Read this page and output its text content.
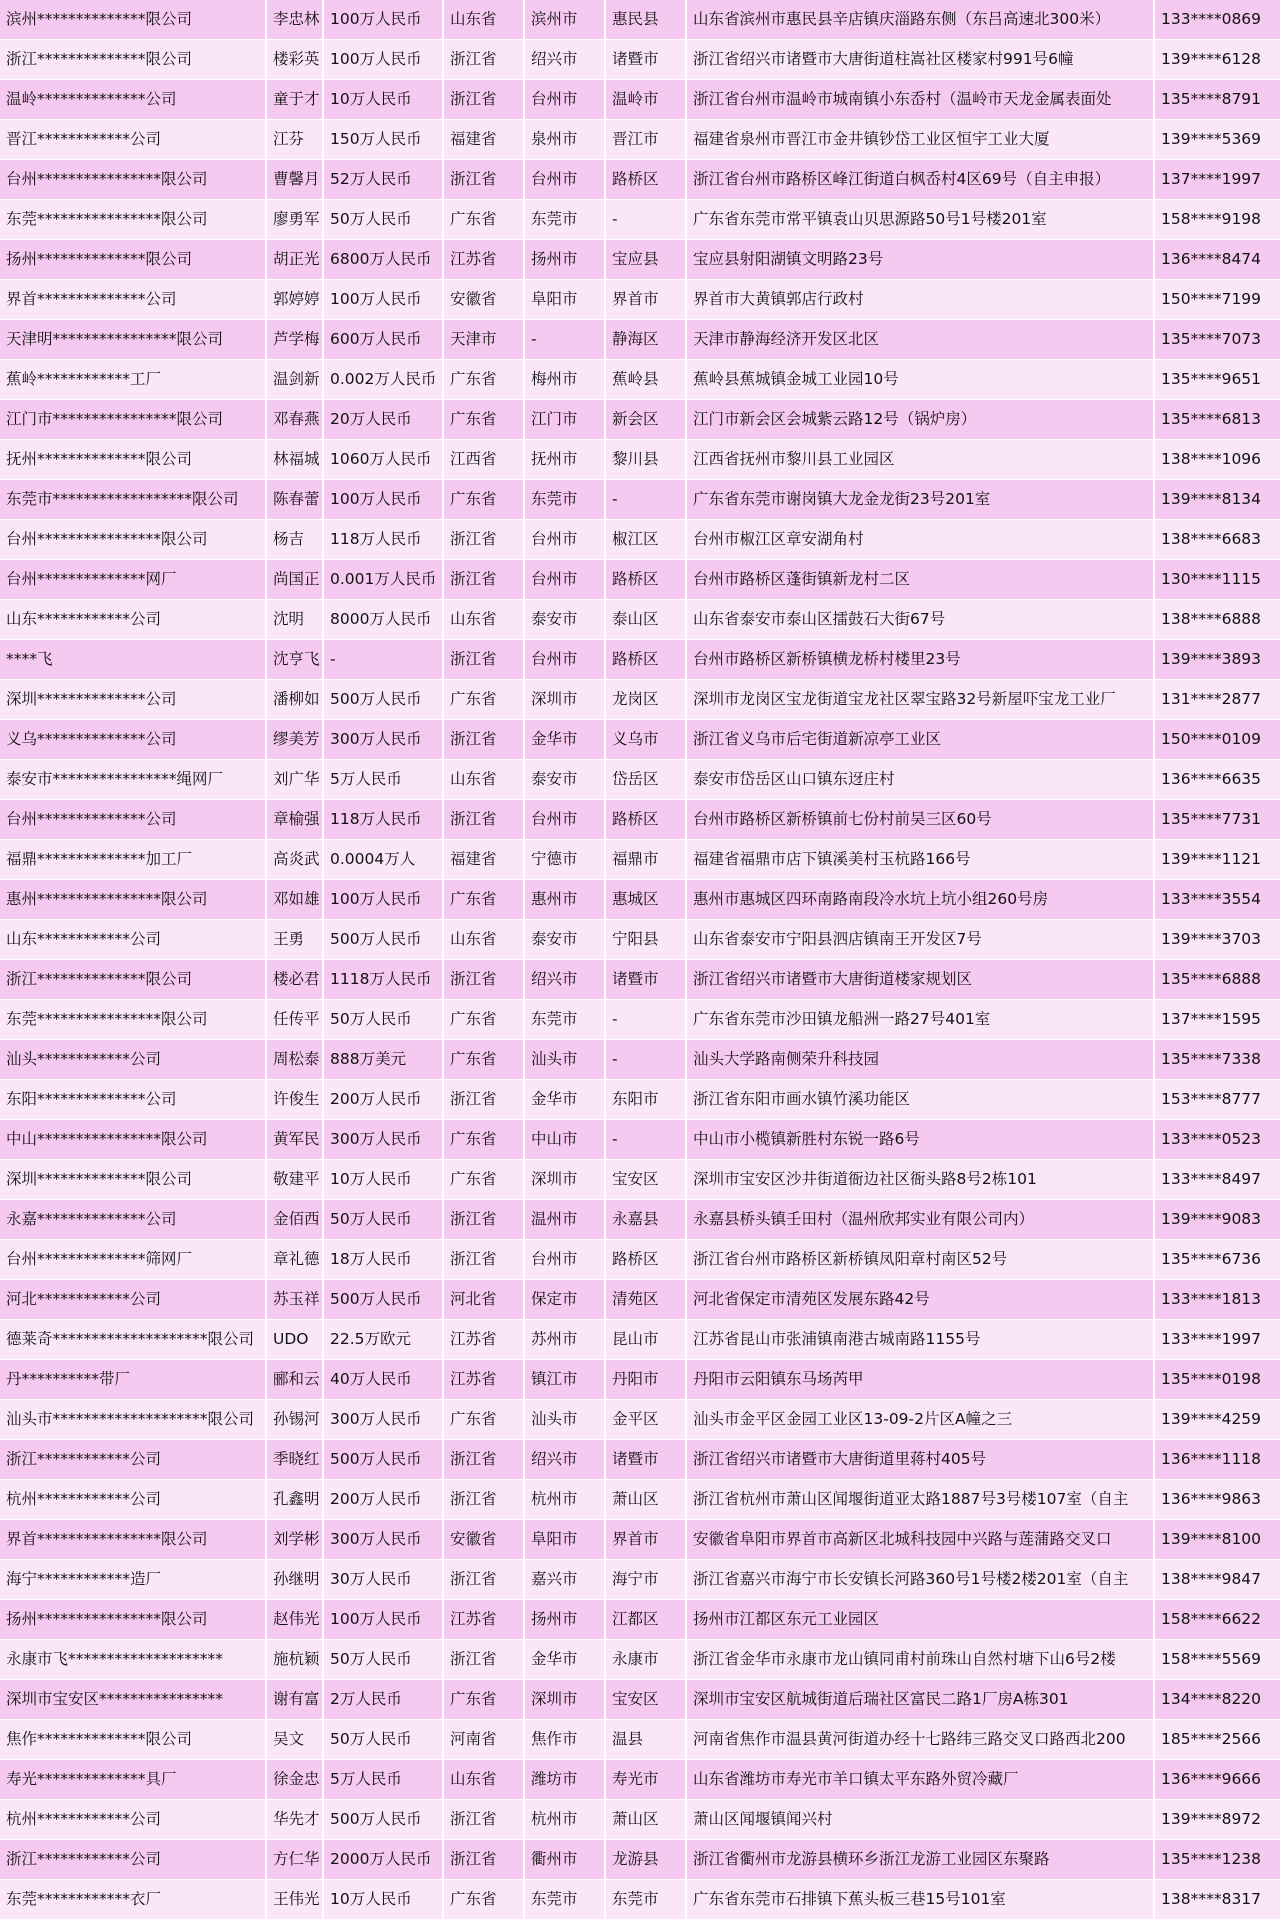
滨州**************限公司	李忠林	100万人民币	山东省	滨州市	惠民县	山东省滨州市惠民县辛店镇庆淄路东侧（东吕高速北300米）	133****0869
浙江**************限公司	楼彩英	100万人民币	浙江省	绍兴市	诸暨市	浙江省绍兴市诸暨市大唐街道柱嵩社区楼家村991号6幢	139****6128
温岭**************公司	童于才	10万人民币	浙江省	台州市	温岭市	浙江省台州市温岭市城南镇小东岙村（温岭市天龙金属表面处	135****8791
晋江************公司	江芬	150万人民币	福建省	泉州市	晋江市	福建省泉州市晋江市金井镇钞岱工业区恒宇工业大厦	139****5369
台州****************限公司	曹馨月	52万人民币	浙江省	台州市	路桥区	浙江省台州市路桥区峰江街道白枫岙村4区69号（自主申报）	137****1997
东莞****************限公司	廖勇军	50万人民币	广东省	东莞市	-	广东省东莞市常平镇袁山贝思源路50号1号楼201室	158****9198
扬州**************限公司	胡正光	6800万人民币	江苏省	扬州市	宝应县	宝应县射阳湖镇文明路23号	136****8474
界首**************公司	郭婷婷	100万人民币	安徽省	阜阳市	界首市	界首市大黄镇郭店行政村	150****7199
天津明****************限公司	芦学梅	600万人民币	天津市	-	静海区	天津市静海经济开发区北区	135****7073
蕉岭************工厂	温剑新	0.002万人民币	广东省	梅州市	蕉岭县	蕉岭县蕉城镇金城工业园10号	135****9651
江门市****************限公司	邓春燕	20万人民币	广东省	江门市	新会区	江门市新会区会城紫云路12号（锅炉房）	135****6813
抚州**************限公司	林福城	1060万人民币	江西省	抚州市	黎川县	江西省抚州市黎川县工业园区	138****1096
东莞市******************限公司	陈春蕾	100万人民币	广东省	东莞市	-	广东省东莞市谢岗镇大龙金龙街23号201室	139****8134
台州****************限公司	杨吉	118万人民币	浙江省	台州市	椒江区	台州市椒江区章安湖角村	138****6683
台州**************网厂	尚国正	0.001万人民币	浙江省	台州市	路桥区	台州市路桥区蓬街镇新龙村二区	130****1115
山东************公司	沈明	8000万人民币	山东省	泰安市	泰山区	山东省泰安市泰山区擂鼓石大街67号	138****6888
****飞	沈亨飞	-	浙江省	台州市	路桥区	台州市路桥区新桥镇横龙桥村楼里23号	139****3893
深圳**************公司	潘柳如	500万人民币	广东省	深圳市	龙岗区	深圳市龙岗区宝龙街道宝龙社区翠宝路32号新屋吓宝龙工业厂	131****2877
义乌**************公司	缪美芳	300万人民币	浙江省	金华市	义乌市	浙江省义乌市后宅街道新凉亭工业区	150****0109
泰安市****************绳网厂	刘广华	5万人民币	山东省	泰安市	岱岳区	泰安市岱岳区山口镇东迓庄村	136****6635
台州**************公司	章榆强	118万人民币	浙江省	台州市	路桥区	台州市路桥区新桥镇前七份村前吴三区60号	135****7731
福鼎**************加工厂	高炎武	0.0004万人	福建省	宁德市	福鼎市	福建省福鼎市店下镇溪美村玉杭路166号	139****1121
惠州****************限公司	邓如雄	100万人民币	广东省	惠州市	惠城区	惠州市惠城区四环南路南段冷水坑上坑小组260号房	133****3554
山东************公司	王勇	500万人民币	山东省	泰安市	宁阳县	山东省泰安市宁阳县泗店镇南王开发区7号	139****3703
浙江**************限公司	楼必君	1118万人民币	浙江省	绍兴市	诸暨市	浙江省绍兴市诸暨市大唐街道楼家规划区	135****6888
东莞****************限公司	任传平	50万人民币	广东省	东莞市	-	广东省东莞市沙田镇龙船洲一路27号401室	137****1595
汕头************公司	周松泰	888万美元	广东省	汕头市	-	汕头大学路南侧荣升科技园	135****7338
东阳**************公司	许俊生	200万人民币	浙江省	金华市	东阳市	浙江省东阳市画水镇竹溪功能区	153****8777
中山****************限公司	黄军民	300万人民币	广东省	中山市	-	中山市小榄镇新胜村东锐一路6号	133****0523
深圳**************限公司	敬建平	10万人民币	广东省	深圳市	宝安区	深圳市宝安区沙井街道衙边社区衙头路8号2栋101	133****8497
永嘉**************公司	金佰西	50万人民币	浙江省	温州市	永嘉县	永嘉县桥头镇壬田村（温州欣邦实业有限公司内）	139****9083
台州**************筛网厂	章礼德	18万人民币	浙江省	台州市	路桥区	浙江省台州市路桥区新桥镇凤阳章村南区52号	135****6736
河北************公司	苏玉祥	500万人民币	河北省	保定市	清苑区	河北省保定市清苑区发展东路42号	133****1813
德莱奇********************限公司	UDO	22.5万欧元	江苏省	苏州市	昆山市	江苏省昆山市张浦镇南港古城南路1155号	133****1997
丹**********带厂	郦和云	40万人民币	江苏省	镇江市	丹阳市	丹阳市云阳镇东马场芮甲	135****0198
汕头市********************限公司	孙锡河	300万人民币	广东省	汕头市	金平区	汕头市金平区金园工业区13-09-2片区A幢之三	139****4259
浙江************公司	季晓红	500万人民币	浙江省	绍兴市	诸暨市	浙江省绍兴市诸暨市大唐街道里蒋村405号	136****1118
杭州************公司	孔鑫明	200万人民币	浙江省	杭州市	萧山区	浙江省杭州市萧山区闻堰街道亚太路1887号3号楼107室（自主	136****9863
界首****************限公司	刘学彬	300万人民币	安徽省	阜阳市	界首市	安徽省阜阳市界首市高新区北城科技园中兴路与莲蒲路交叉口	139****8100
海宁************造厂	孙继明	30万人民币	浙江省	嘉兴市	海宁市	浙江省嘉兴市海宁市长安镇长河路360号1号楼2楼201室（自主	138****9847
扬州****************限公司	赵伟光	100万人民币	江苏省	扬州市	江都区	扬州市江都区东元工业园区	158****6622
永康市飞********************	施杭颖	50万人民币	浙江省	金华市	永康市	浙江省金华市永康市龙山镇同甫村前珠山自然村塘下山6号2楼	158****5569
深圳市宝安区****************	谢有富	2万人民币	广东省	深圳市	宝安区	深圳市宝安区航城街道后瑞社区富民二路1厂房A栋301	134****8220
焦作**************限公司	吴文	50万人民币	河南省	焦作市	温县	河南省焦作市温县黄河街道办经十七路纬三路交叉口路西北200	185****2566
寿光**************具厂	徐金忠	5万人民币	山东省	潍坊市	寿光市	山东省潍坊市寿光市羊口镇太平东路外贸冷藏厂	136****9666
杭州************公司	华先才	500万人民币	浙江省	杭州市	萧山区	萧山区闻堰镇闻兴村	139****8972
浙江************公司	方仁华	2000万人民币	浙江省	衢州市	龙游县	浙江省衢州市龙游县横环乡浙江龙游工业园区东聚路	135****1238
东莞************衣厂	王伟光	10万人民币	广东省	东莞市	东莞市	广东省东莞市石排镇下蕉头板三巷15号101室	138****8317
